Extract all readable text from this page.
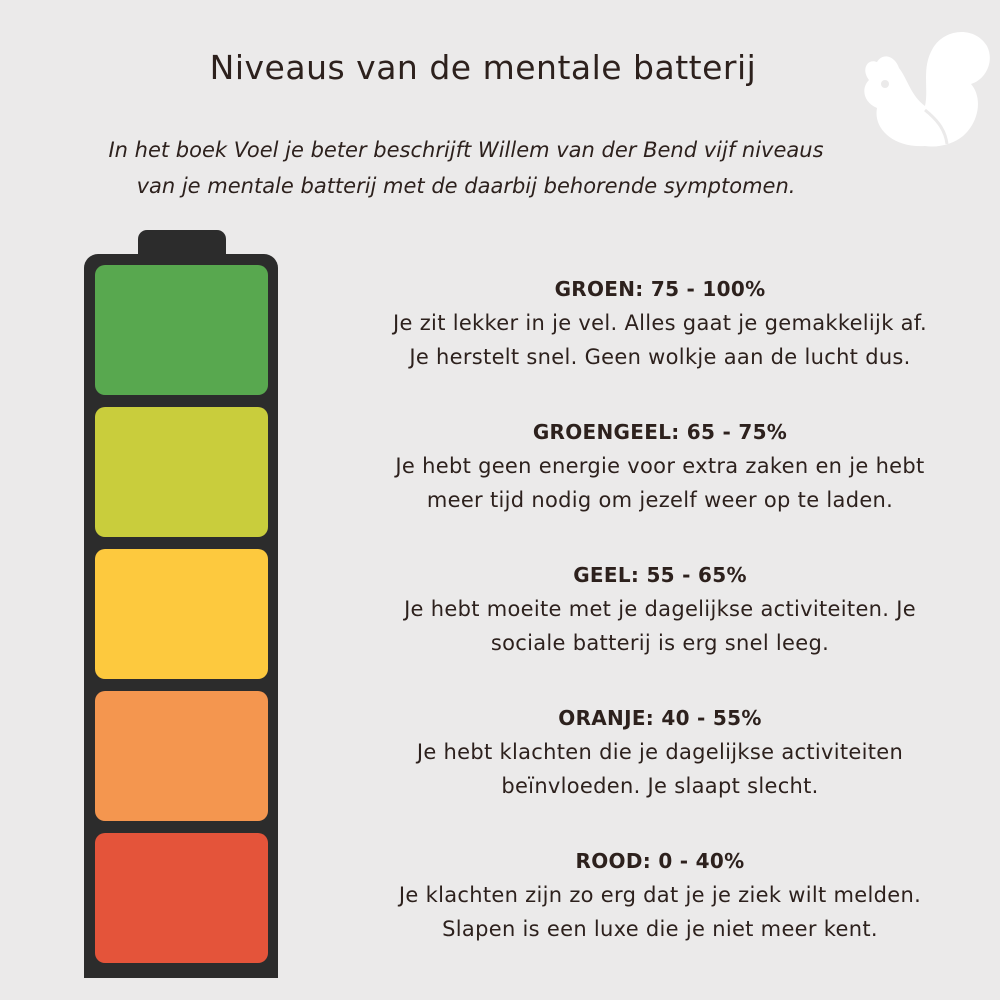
Niveaus van de mentale batterij
In het boek Voel je beter beschrijft Willem van der Bend vijf niveaus van je mentale batterij met de daarbij behorende symptomen.
GROEN: 75 - 100%
Je zit lekker in je vel. Alles gaat je gemakkelijk af.
Je herstelt snel. Geen wolkje aan de lucht dus.
GROENGEEL: 65 - 75%
Je hebt geen energie voor extra zaken en je hebt
meer tijd nodig om jezelf weer op te laden.
GEEL: 55 - 65%
Je hebt moeite met je dagelijkse activiteiten. Je
sociale batterij is erg snel leeg.
ORANJE: 40 - 55%
Je hebt klachten die je dagelijkse activiteiten
beïnvloeden. Je slaapt slecht.
ROOD: 0 - 40%
Je klachten zijn zo erg dat je je ziek wilt melden.
Slapen is een luxe die je niet meer kent.
